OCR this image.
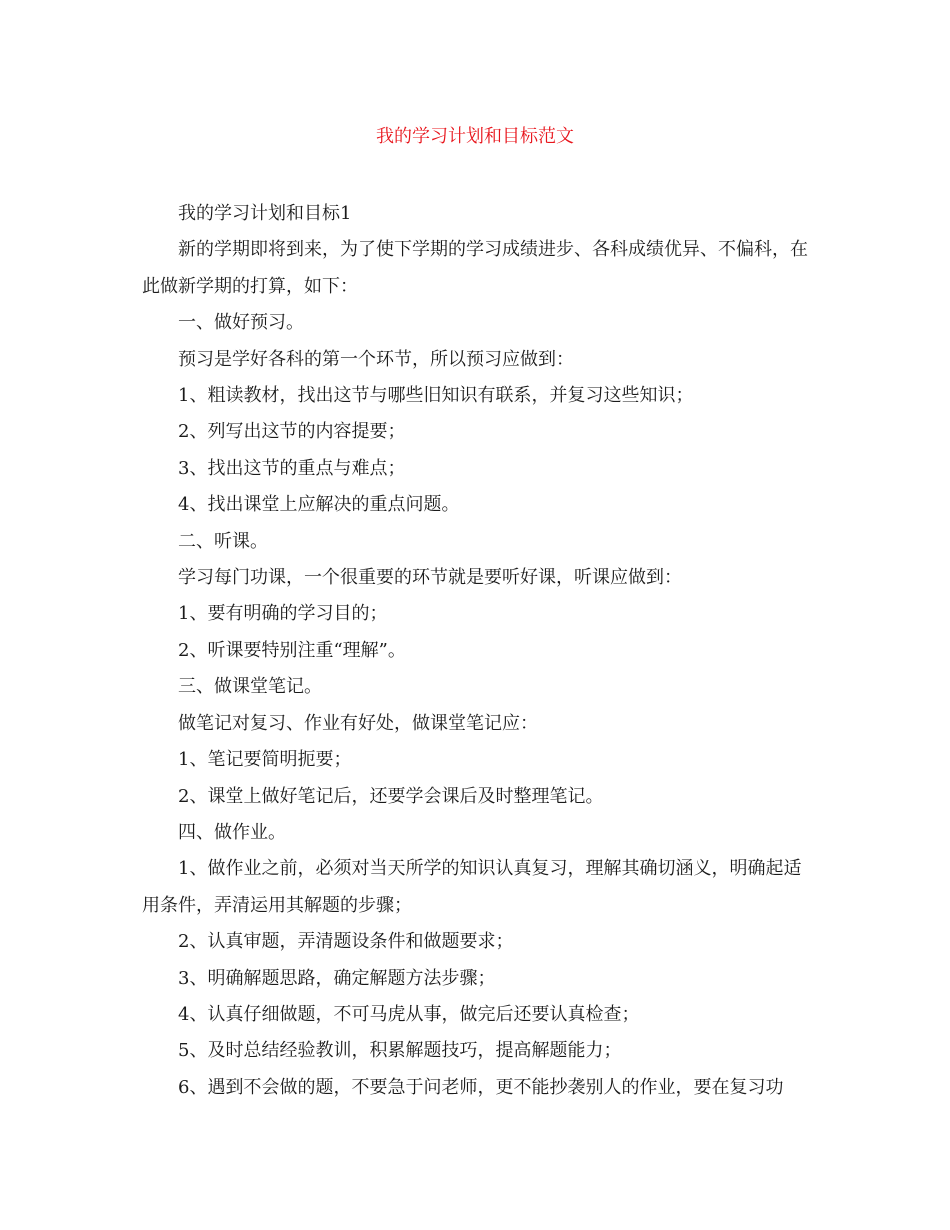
我的学习计划和目标范文

我的学习计划和目标1

新的学期即将到来，为了使下学期的学习成绩进步、各科成绩优异、不偏科，在此做新学期的打算，如下：

一、做好预习。

预习是学好各科的第一个环节，所以预习应做到：

1、粗读教材，找出这节与哪些旧知识有联系，并复习这些知识；

2、列写出这节的内容提要；

3、找出这节的重点与难点；

4、找出课堂上应解决的重点问题。

二、听课。

学习每门功课，一个很重要的环节就是要听好课，听课应做到：

1、要有明确的学习目的；

2、听课要特别注重“理解”。

三、做课堂笔记。

做笔记对复习、作业有好处，做课堂笔记应：

1、笔记要简明扼要；

2、课堂上做好笔记后，还要学会课后及时整理笔记。

四、做作业。

1、做作业之前，必须对当天所学的知识认真复习，理解其确切涵义，明确起适用条件，弄清运用其解题的步骤；

2、认真审题，弄清题设条件和做题要求；

3、明确解题思路，确定解题方法步骤；

4、认真仔细做题，不可马虎从事，做完后还要认真检查；

5、及时总结经验教训，积累解题技巧，提高解题能力；

6、遇到不会做的题，不要急于问老师，更不能抄袭别人的作业，要在复习功
